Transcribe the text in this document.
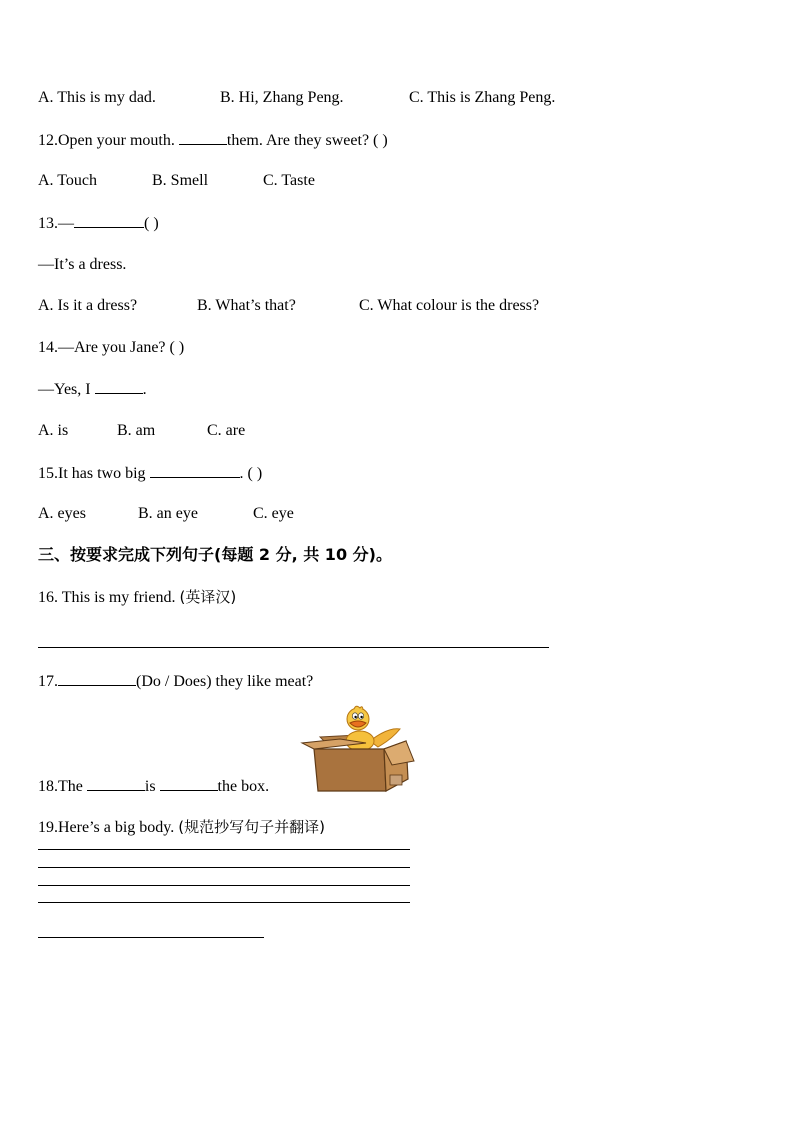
A. This is my dad.	B. Hi, Zhang Peng.	C. This is Zhang Peng.
12.Open your mouth.	them. Are they sweet? ( )
A. Touch	B. Smell	C. Taste
13.—	( )
—It’s a dress.
A. Is it a dress?	B. What’s that?	C. What colour is the dress?
14.—Are you Jane? ( )
—Yes, I	.
A. is	B. am	C. are
15.It has two big	. ( )
A. eyes	B. an eye	C. eye
三、按要求完成下列句子(每题 2 分, 共 10 分)。
16. This is my friend. (英译汉)
17.	(Do / Does) they like meat?
18.The	is	the box.
19.Here’s a big body. (规范抄写句子并翻译)
